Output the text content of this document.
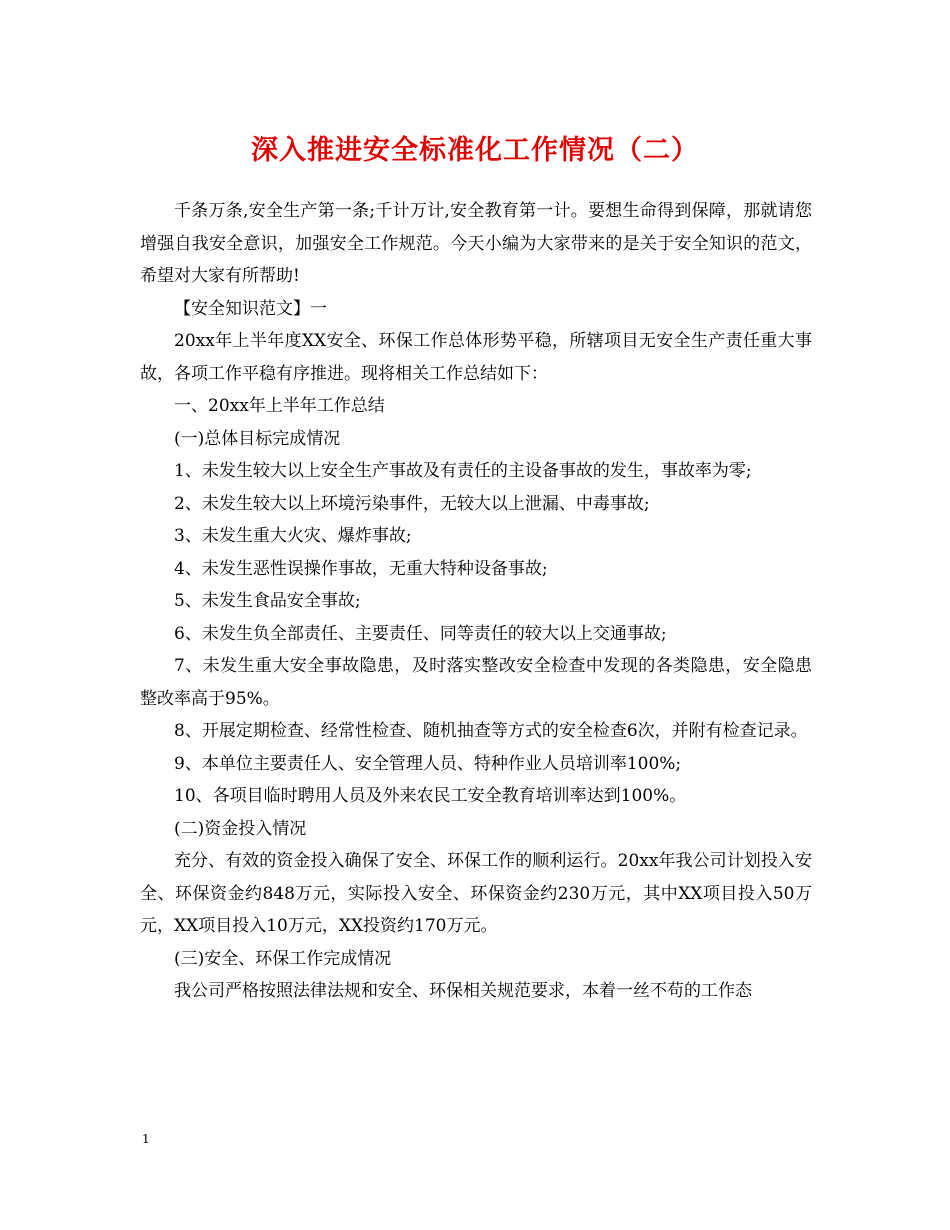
深入推进安全标准化工作情况（二）

千条万条,安全生产第一条;千计万计,安全教育第一计。要想生命得到保障，那就请您增强自我安全意识，加强安全工作规范。今天小编为大家带来的是关于安全知识的范文，希望对大家有所帮助!

【安全知识范文】一

20xx年上半年度XX安全、环保工作总体形势平稳，所辖项目无安全生产责任重大事故，各项工作平稳有序推进。现将相关工作总结如下：

一、20xx年上半年工作总结

(一)总体目标完成情况

1、未发生较大以上安全生产事故及有责任的主设备事故的发生，事故率为零;

2、未发生较大以上环境污染事件，无较大以上泄漏、中毒事故;

3、未发生重大火灾、爆炸事故;

4、未发生恶性误操作事故，无重大特种设备事故;

5、未发生食品安全事故;

6、未发生负全部责任、主要责任、同等责任的较大以上交通事故;

7、未发生重大安全事故隐患，及时落实整改安全检查中发现的各类隐患，安全隐患整改率高于95%。

8、开展定期检查、经常性检查、随机抽查等方式的安全检查6次，并附有检查记录。

9、本单位主要责任人、安全管理人员、特种作业人员培训率100%;

10、各项目临时聘用人员及外来农民工安全教育培训率达到100%。

(二)资金投入情况

充分、有效的资金投入确保了安全、环保工作的顺利运行。20xx年我公司计划投入安全、环保资金约848万元，实际投入安全、环保资金约230万元，其中XX项目投入50万元，XX项目投入10万元，XX投资约170万元。

(三)安全、环保工作完成情况

我公司严格按照法律法规和安全、环保相关规范要求，本着一丝不苟的工作态

1
